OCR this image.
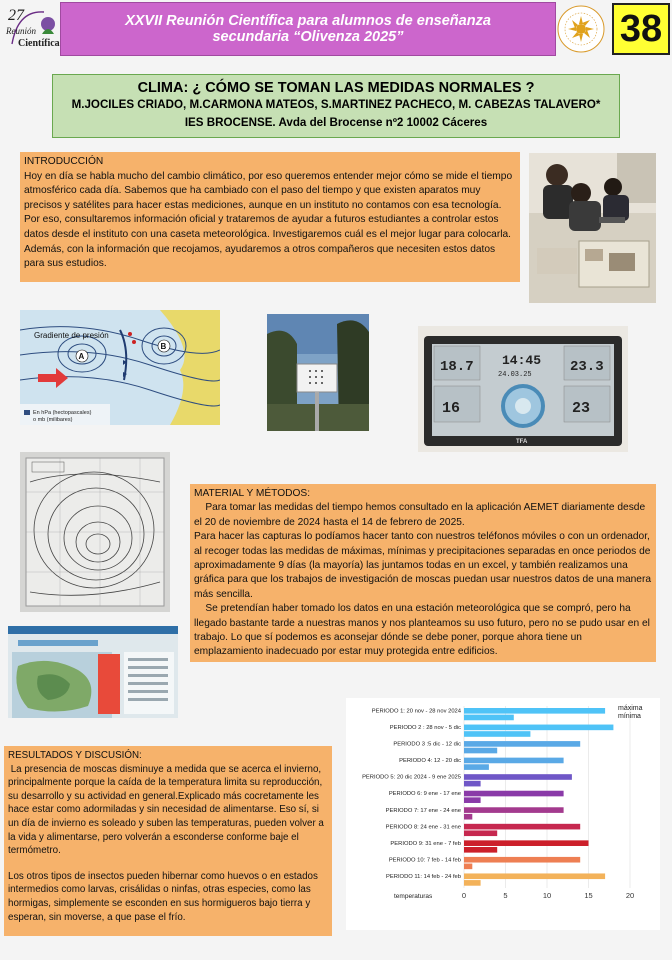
27
Reunión
Científica
XXVII Reunión Científica para alumnos de enseñanza
secundaria “Olivenza 2025”	38
CLIMA: ¿ CÓMO SE TOMAN LAS MEDIDAS NORMALES ?
M.JOCILES CRIADO, M.CARMONA MATEOS, S.MARTINEZ PACHECO, M. CABEZAS TALAVERO*
IES BROCENSE. Avda del Brocense nº2 10002 Cáceres

INTRODUCCIÓN

Hoy en día se habla mucho del cambio climático, por eso queremos entender mejor cómo se mide el tiempo atmosférico cada día. Sabemos que ha cambiado con el paso del tiempo y que existen aparatos muy precisos y satélites para hacer estas mediciones, aunque en un instituto no contamos con esa tecnología. Por eso, consultaremos información oficial y trataremos de ayudar a futuros estudiantes a controlar estos datos desde el instituto con una caseta meteorológica. Investigaremos cuál es el mejor lugar para colocarla. Además, con la información que recojamos, ayudaremos a otros compañeros que necesiten estos datos para sus estudios.

Gradiente de presión
A
B
En hPa (hectopascales)
o mb (milibares)
18.7 14:45
24.03.25	23.3
16	23
TFA

MATERIAL Y MÉTODOS:

Para tomar las medidas del tiempo hemos consultado en la aplicación AEMET diariamente desde el 20 de noviembre de 2024 hasta el 14 de febrero de 2025.

Para hacer las capturas lo podíamos hacer tanto con nuestros teléfonos móviles o con un ordenador, al recoger todas las medidas de máximas, mínimas y precipitaciones separadas en once periodos de aproximadamente 9 días (la mayoría) las juntamos todas en un excel, y también realizamos una gráfica para que los trabajos de investigación de moscas puedan usar nuestros datos de una manera más sencilla.

Se pretendían haber tomado los datos en una estación meteorológica que se compró, pero ha llegado bastante tarde a nuestras manos y nos planteamos su uso futuro, pero no se pudo usar en el trabajo. Lo que sí podemos es aconsejar dónde se debe poner, porque ahora tiene un emplazamiento inadecuado por estar muy protegida entre edificios.

RESULTADOS Y DISCUSIÓN:

La presencia de moscas disminuye a medida que se acerca el invierno, principalmente porque la caída de la temperatura limita su reproducción, su desarrollo y su actividad en general.Explicado más cocretamente les hace estar como adormiladas y sin necesidad de alimentarse. Eso sí, si un día de invierno es soleado y suben las temperaturas, pueden volver a la vida y alimentarse, pero volverán a esconderse conforme baje el termómetro.

Los otros tipos de insectos pueden hibernar como huevos o en estados intermedios como larvas, crisálidas o ninfas, otras especies, como las hormigas, simplemente se esconden en sus hormigueros bajo tierra y esperan, sin moverse, a que pase el frío.

0	5	10	15	20
PERIODO 1: 20 nov - 28 nov 2024
PERIODO 2 : 28 nov - 5 dic
PERIODO 3 :5 dic - 12 dic
PERIODO 4: 12 - 20 dic
PERIODO 5: 20 dic 2024 - 9 ene 2025
PERIODO 6: 9 ene - 17 ene
PERIODO 7: 17 ene - 24 ene
PERIODO 8: 24 ene - 31 ene
PERIODO 9: 31 ene - 7 feb
PERIODO 10: 7 feb - 14 feb
PERIODO 11: 14 feb - 24 feb
temperaturas
máxima
mínima
